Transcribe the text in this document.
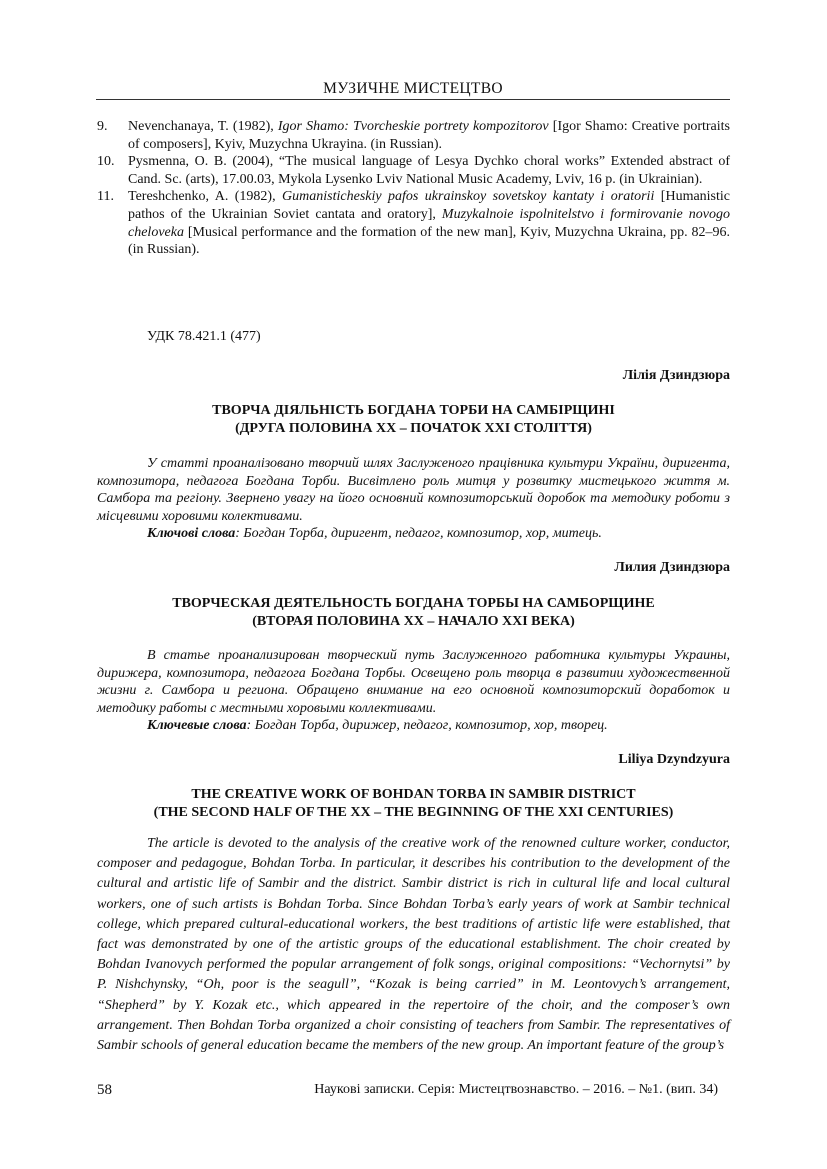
МУЗИЧНЕ МИСТЕЦТВО
9. Nevenchanaya, T. (1982), Igor Shamo: Tvorcheskie portrety kompozitorov [Igor Shamo: Creative portraits of composers], Kyiv, Muzychna Ukrayina. (in Russian).
10. Pysmenna, O. B. (2004), “The musical language of Lesya Dychko choral works” Extended abstract of Cand. Sc. (arts), 17.00.03, Mykola Lysenko Lviv National Music Academy, Lviv, 16 p. (in Ukrainian).
11. Tereshchenko, A. (1982), Gumanisticheskiy pafos ukrainskoy sovetskoy kantaty i oratorii [Humanistic pathos of the Ukrainian Soviet cantata and oratory], Muzykalnoie ispolnitelstvo i formirovanie novogo cheloveka [Musical performance and the formation of the new man], Kyiv, Muzychna Ukraina, pp. 82–96. (in Russian).
УДК 78.421.1 (477)
Лілія Дзиндзюра
ТВОРЧА ДІЯЛЬНІСТЬ БОГДАНА ТОРБИ НА САМБІРЩИНІ
(ДРУГА ПОЛОВИНА ХХ – ПОЧАТОК ХХІ СТОЛІТТЯ)

У статті проаналізовано творчий шлях Заслуженого працівника культури України, диригента, композитора, педагога Богдана Торби. Висвітлено роль митця у розвитку мистецького життя м. Самбора та регіону. Звернено увагу на його основний композиторський доробок та методику роботи з місцевими хоровими колективами.

Ключові слова: Богдан Торба, диригент, педагог, композитор, хор, митець.

Лилия Дзиндзюра
ТВОРЧЕСКАЯ ДЕЯТЕЛЬНОСТЬ БОГДАНА ТОРБЫ НА САМБОРЩИНЕ
(ВТОРАЯ ПОЛОВИНА ХХ – НАЧАЛО ХХІ ВЕКА)

В статье проанализирован творческий путь Заслуженного работника культуры Украины, дирижера, композитора, педагога Богдана Торбы. Освещено роль творца в развитии художественной жизни г. Самбора и региона. Обращено внимание на его основной композиторский доработок и методику работы с местными хоровыми коллективами.

Ключевые слова: Богдан Торба, дирижер, педагог, композитор, хор, творец.

Liliya Dzyndzyura
THE CREATIVE WORK OF BOHDAN TORBA IN SAMBIR DISTRICT
(THE SECOND HALF OF THE XX – THE BEGINNING OF THE XXI CENTURIES)

The article is devoted to the analysis of the creative work of the renowned culture worker, conductor, composer and pedagogue, Bohdan Torba. In particular, it describes his contribution to the development of the cultural and artistic life of Sambir and the district. Sambir district is rich in cultural life and local cultural workers, one of such artists is Bohdan Torba. Since Bohdan Torba’s early years of work at Sambir technical college, which prepared cultural-educational workers, the best traditions of artistic life were established, that fact was demonstrated by one of the artistic groups of the educational establishment. The choir created by Bohdan Ivanovych performed the popular arrangement of folk songs, original compositions: “Vechornytsi” by P. Nishchynsky, “Oh, poor is the seagull”, “Kozak is being carried” in M. Leontovych’s arrangement, “Shepherd” by Y. Kozak etc., which appeared in the repertoire of the choir, and the composer’s own arrangement. Then Bohdan Torba organized a choir consisting of teachers from Sambir. The representatives of Sambir schools of general education became the members of the new group. An important feature of the group’s

58	Наукові записки. Серія: Мистецтвознавство. – 2016. – №1. (вип. 34)
